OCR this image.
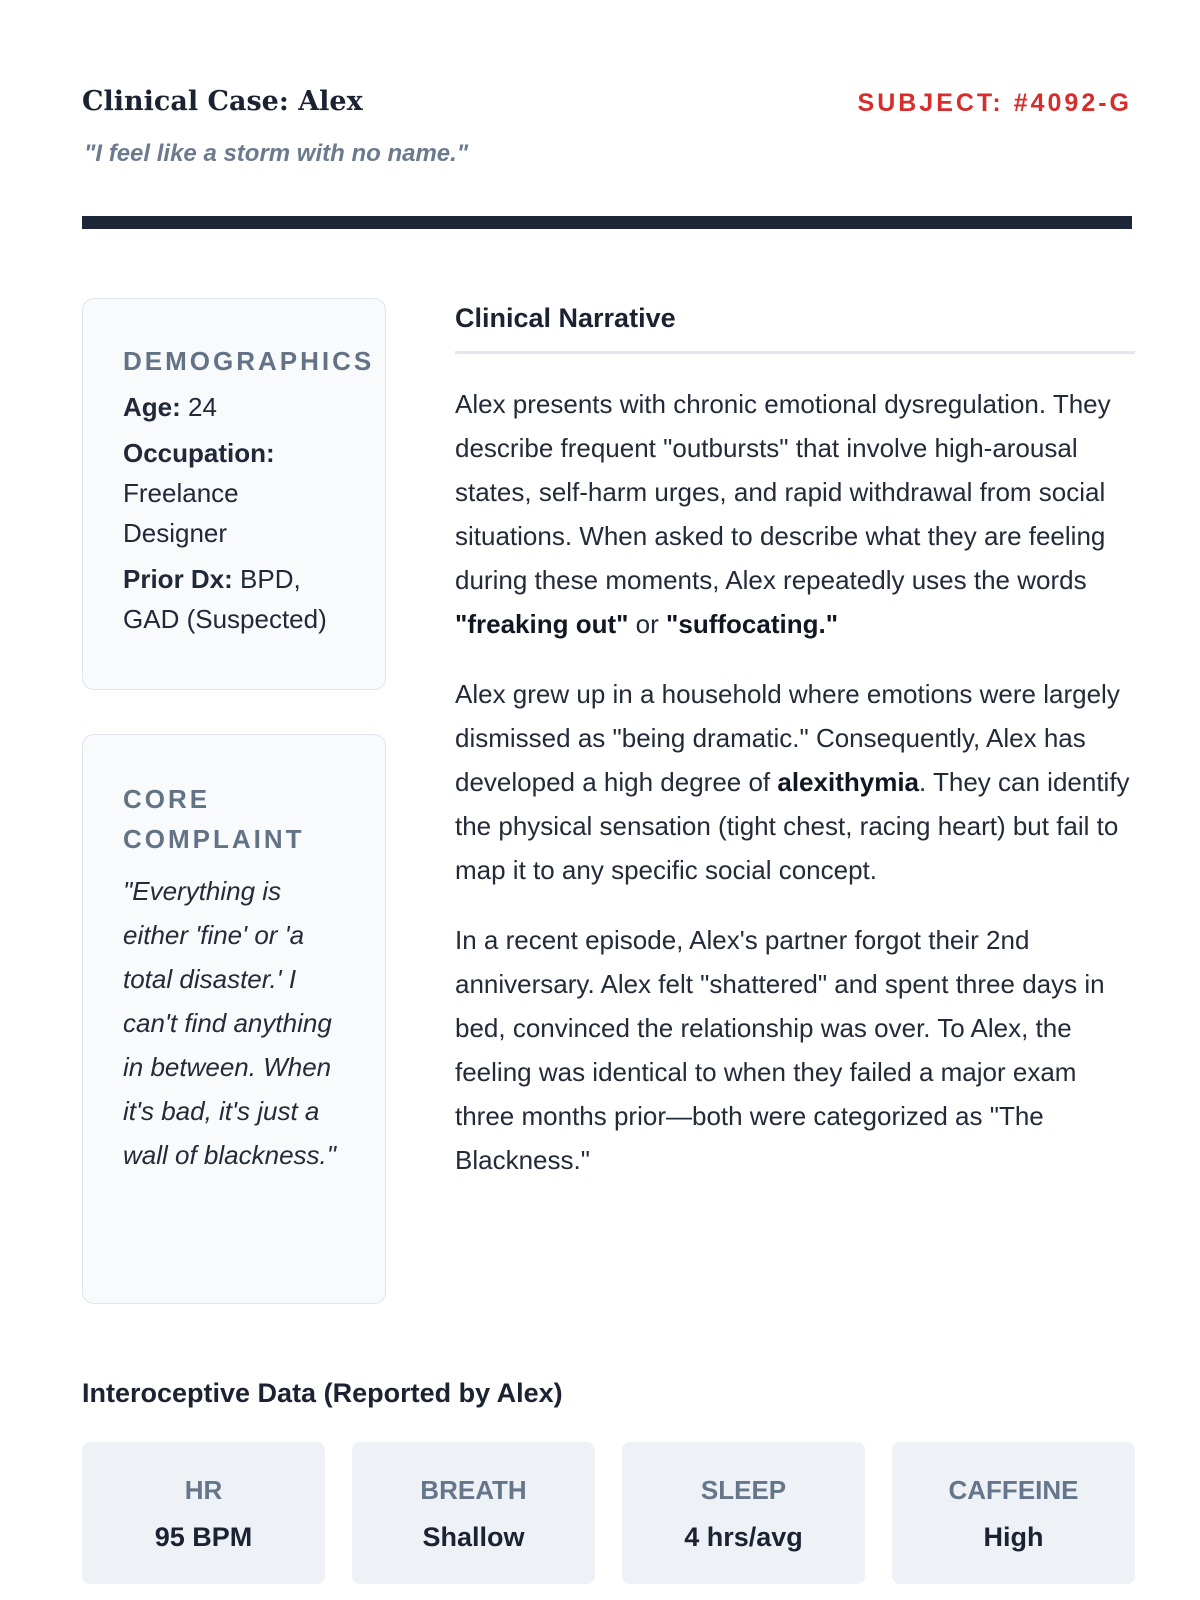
Clinical Case: Alex	SUBJECT: #4092-G
"I feel like a storm with no name."
DEMOGRAPHICS
Age: 24
Occupation:
Freelance Designer
Prior Dx: BPD, GAD (Suspected)
CORE COMPLAINT

"Everything is either 'fine' or 'a total disaster.' I can't find anything in between. When it's bad, it's just a wall of blackness."

Clinical Narrative

Alex presents with chronic emotional dysregulation. They describe frequent "outbursts" that involve high-arousal states, self-harm urges, and rapid withdrawal from social situations. When asked to describe what they are feeling during these moments, Alex repeatedly uses the words "freaking out" or "suffocating."

Alex grew up in a household where emotions were largely dismissed as "being dramatic." Consequently, Alex has developed a high degree of alexithymia. They can identify the physical sensation (tight chest, racing heart) but fail to map it to any specific social concept.

In a recent episode, Alex's partner forgot their 2nd anniversary. Alex felt "shattered" and spent three days in bed, convinced the relationship was over. To Alex, the feeling was identical to when they failed a major exam three months prior—both were categorized as "The Blackness."

Interoceptive Data (Reported by Alex)
HR
95 BPM
BREATH
Shallow
SLEEP
4 hrs/avg
CAFFEINE
High
